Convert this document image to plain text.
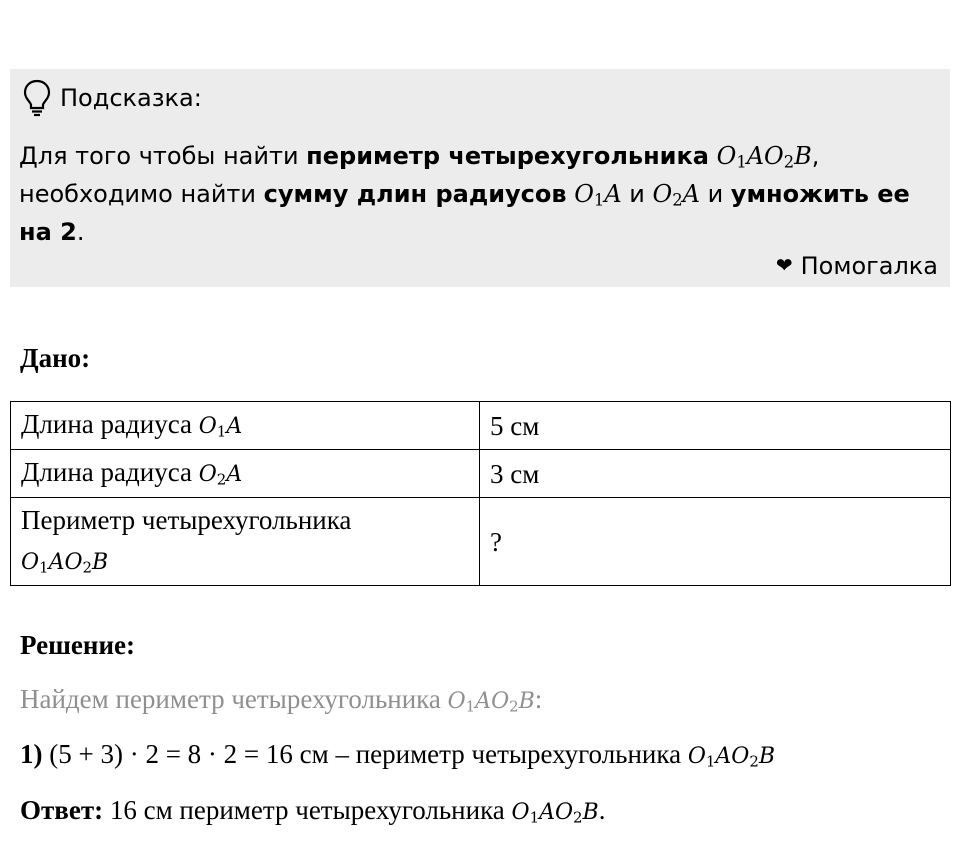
Подсказка:
Для того чтобы найти периметр четырехугольника $O_1AO_2B$, необходимо найти сумму длин радиусов $O_1A$ и $O_2A$ и умножить ее на 2.
❤ Помогалка
Дано:
Длина радиуса $O_1A$	5 см
Длина радиуса $O_2A$	3 см
Периметр четырехугольника
$O_1AO_2B$	?
Решение:
Найдем периметр четырехугольника $O_1AO_2B$:
1) (5 + 3) · 2 = 8 · 2 = 16 см – периметр четырехугольника $O_1AO_2B$
Ответ: 16 см периметр четырехугольника $O_1AO_2B$.
